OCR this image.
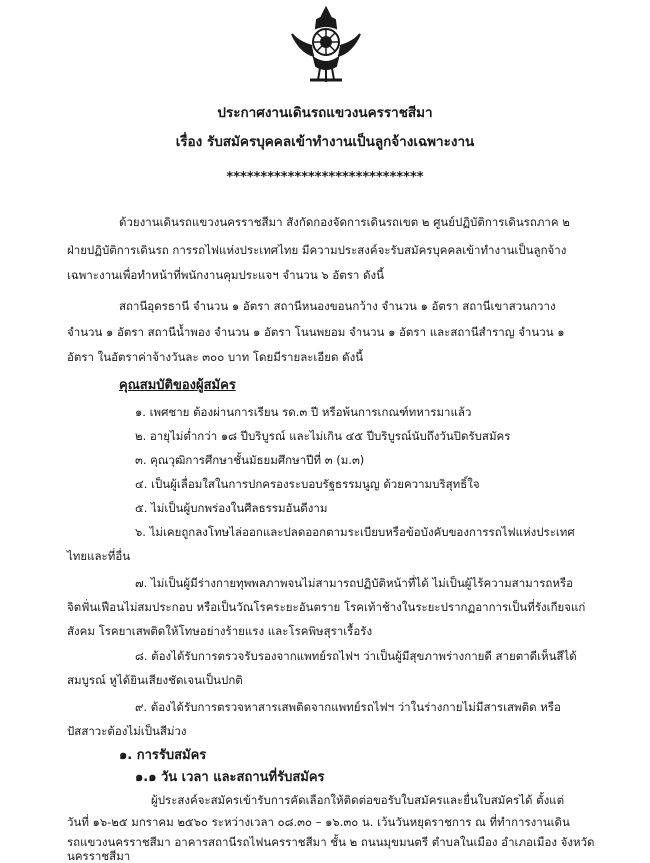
ประกาศงานเดินรถแขวงนครราชสีมา
เรื่อง รับสมัครบุคคลเข้าทำงานเป็นลูกจ้างเฉพาะงาน
*****************************
ด้วยงานเดินรถแขวงนครราชสีมา สังกัดกองจัดการเดินรถเขต ๒ ศูนย์ปฏิบัติการเดินรถภาค ๒
ฝ่ายปฏิบัติการเดินรถ การรถไฟแห่งประเทศไทย มีความประสงค์จะรับสมัครบุคคลเข้าทำงานเป็นลูกจ้าง
เฉพาะงานเพื่อทำหน้าที่พนักงานคุมประแจฯ จำนวน ๖ อัตรา ดังนี้
สถานีอุดรธานี จำนวน ๑ อัตรา สถานีหนองขอนกว้าง จำนวน ๑ อัตรา สถานีเขาสวนกวาง
จำนวน ๑ อัตรา สถานีน้ำพอง จำนวน ๑ อัตรา โนนพยอม จำนวน ๑ อัตรา และสถานีสำราญ จำนวน ๑
อัตรา ในอัตราค่าจ้างวันละ ๓๐๐ บาท โดยมีรายละเอียด ดังนี้
คุณสมบัติของผู้สมัคร
๑. เพศชาย ต้องผ่านการเรียน รด.๓ ปี หรือพ้นการเกณฑ์ทหารมาแล้ว
๒. อายุไม่ต่ำกว่า ๑๘ ปีบริบูรณ์ และไม่เกิน ๔๕ ปีบริบูรณ์นับถึงวันปิดรับสมัคร
๓. คุณวุฒิการศึกษาชั้นมัธยมศึกษาปีที่ ๓ (ม.๓)
๔. เป็นผู้เลื่อมใสในการปกครองระบอบรัฐธรรมนูญ ด้วยความบริสุทธิ์ใจ
๕. ไม่เป็นผู้บกพร่องในศีลธรรมอันดีงาม
๖. ไม่เคยถูกลงโทษไล่ออกและปลดออกตามระเบียบหรือข้อบังคับของการรถไฟแห่งประเทศ
ไทยและที่อื่น
๗. ไม่เป็นผู้มีร่างกายทุพพลภาพจนไม่สามารถปฏิบัติหน้าที่ได้ ไม่เป็นผู้ไร้ความสามารถหรือ
จิตฟั่นเฟือนไม่สมประกอบ หรือเป็นวัณโรคระยะอันตราย โรคเท้าช้างในระยะปรากฏอาการเป็นที่รังเกียจแก่
สังคม โรคยาเสพติดให้โทษอย่างร้ายแรง และโรคพิษสุราเรื้อรัง
๘. ต้องได้รับการตรวจรับรองจากแพทย์รถไฟฯ ว่าเป็นผู้มีสุขภาพร่างกายดี สายตาดีเห็นสีได้
สมบูรณ์ หูได้ยินเสียงชัดเจนเป็นปกติ
๙. ต้องได้รับการตรวจหาสารเสพติดจากแพทย์รถไฟฯ ว่าในร่างกายไม่มีสารเสพติด หรือ
ปัสสาวะต้องไม่เป็นสีม่วง
๑. การรับสมัคร
๑.๑ วัน เวลา และสถานที่รับสมัคร
ผู้ประสงค์จะสมัครเข้ารับการคัดเลือกให้ติดต่อขอรับใบสมัครและยื่นใบสมัครได้ ตั้งแต่
วันที่ ๑๖-๒๕ มกราคม ๒๕๖๐ ระหว่างเวลา ๐๘.๓๐ – ๑๖.๓๐ น. เว้นวันหยุดราชการ ณ ที่ทำการงานเดิน
รถแขวงนครราชสีมา อาคารสถานีรถไฟนครราชสีมา ชั้น ๒ ถนนมุขมนตรี ตำบลในเมือง อำเภอเมือง จังหวัด
นครราชสีมา
